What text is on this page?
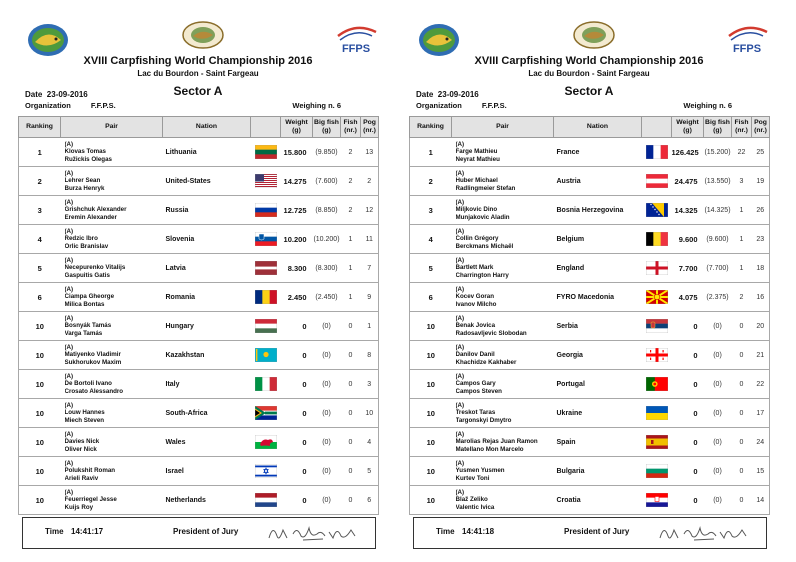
FFPS
XVIII Carpfishing World Championship 2016
Lac du Bourdon - Saint Fargeau
Date 23-09-2016	Sector A
Organization	F.F.P.S.	Weighing n. 6
Ranking	Pair	Nation		Weight (g)	Big fish (g)	Fish (nr.)	Pog (nr.)
1	(A)
Klovas Tomas
Ružickis Olegas	Lithuania		15.800	(9.850)	2	13
2	(A)
Lehrer Sean
Burza Henryk	United-States		14.275	(7.600)	2	2
3	(A)
Grishchuk Alexander
Eremin Alexander	Russia		12.725	(8.850)	2	12
4	(A)
Redzic Ibro
Orlic Branislav	Slovenia		10.200	(10.200)	1	11
5	(A)
Necepurenko Vitalijs
Gaspuitis Gatis	Latvia		8.300	(8.300)	1	7
6	(A)
Ciampa Gheorge
Milica Bontas	Romania		2.450	(2.450)	1	9
10	(A)
Bosnyák Tamás
Varga Tamás	Hungary		0	(0)	0	1
10	(A)
Matiyenko Vladimir
Sukhorukov Maxim	Kazakhstan		0	(0)	0	8
10	(A)
De Bortoli Ivano
Crosato Alessandro	Italy		0	(0)	0	3
10	(A)
Louw Hannes
Miech Steven	South-Africa		0	(0)	0	10
10	(A)
Davies Nick
Oliver Nick	Wales		0	(0)	0	4
10	(A)
Polukshit Roman
Arieli Raviv	Israel		0	(0)	0	5
10	(A)
Feuerriegel Jesse
Kuijs Roy	Netherlands		0	(0)	0	6
Time 14:41:17	President of Jury
FFPS
XVIII Carpfishing World Championship 2016
Lac du Bourdon - Saint Fargeau
Date 23-09-2016	Sector A
Organization	F.F.P.S.	Weighing n. 6
Ranking	Pair	Nation		Weight (g)	Big fish (g)	Fish (nr.)	Pog (nr.)
1	(A)
Farge Mathieu
Neyrat Mathieu	France		126.425	(15.200)	22	25
2	(A)
Huber Michael
Radlingmeier Stefan	Austria		24.475	(13.550)	3	19
3	(A)
Miljkovic Dino
Munjakovic Aladin	Bosnia Herzegovina		14.325	(14.325)	1	26
4	(A)
Collin Grégory
Berckmans Michaël	Belgium		9.600	(9.600)	1	23
5	(A)
Bartlett Mark
Charrington Harry	England		7.700	(7.700)	1	18
6	(A)
Kocev Goran
Ivanov Milcho	FYRO Macedonia		4.075	(2.375)	2	16
10	(A)
Benak Jovica
Radosavljevic Slobodan	Serbia		0	(0)	0	20
10	(A)
Danilov Danil
Khachidze Kakhaber	Georgia		0	(0)	0	21
10	(A)
Campos Gary
Campos Steven	Portugal		0	(0)	0	22
10	(A)
Treskot Taras
Targonskyi Dmytro	Ukraine		0	(0)	0	17
10	(A)
Marolias Rejas Juan Ramon
Matellano Mon Marcelo	Spain		0	(0)	0	24
10	(A)
Yusmen Yusmen
Kurtev Toni	Bulgaria		0	(0)	0	15
10	(A)
Blaž Zeliko
Valentic Ivica	Croatia		0	(0)	0	14
Time 14:41:18	President of Jury
